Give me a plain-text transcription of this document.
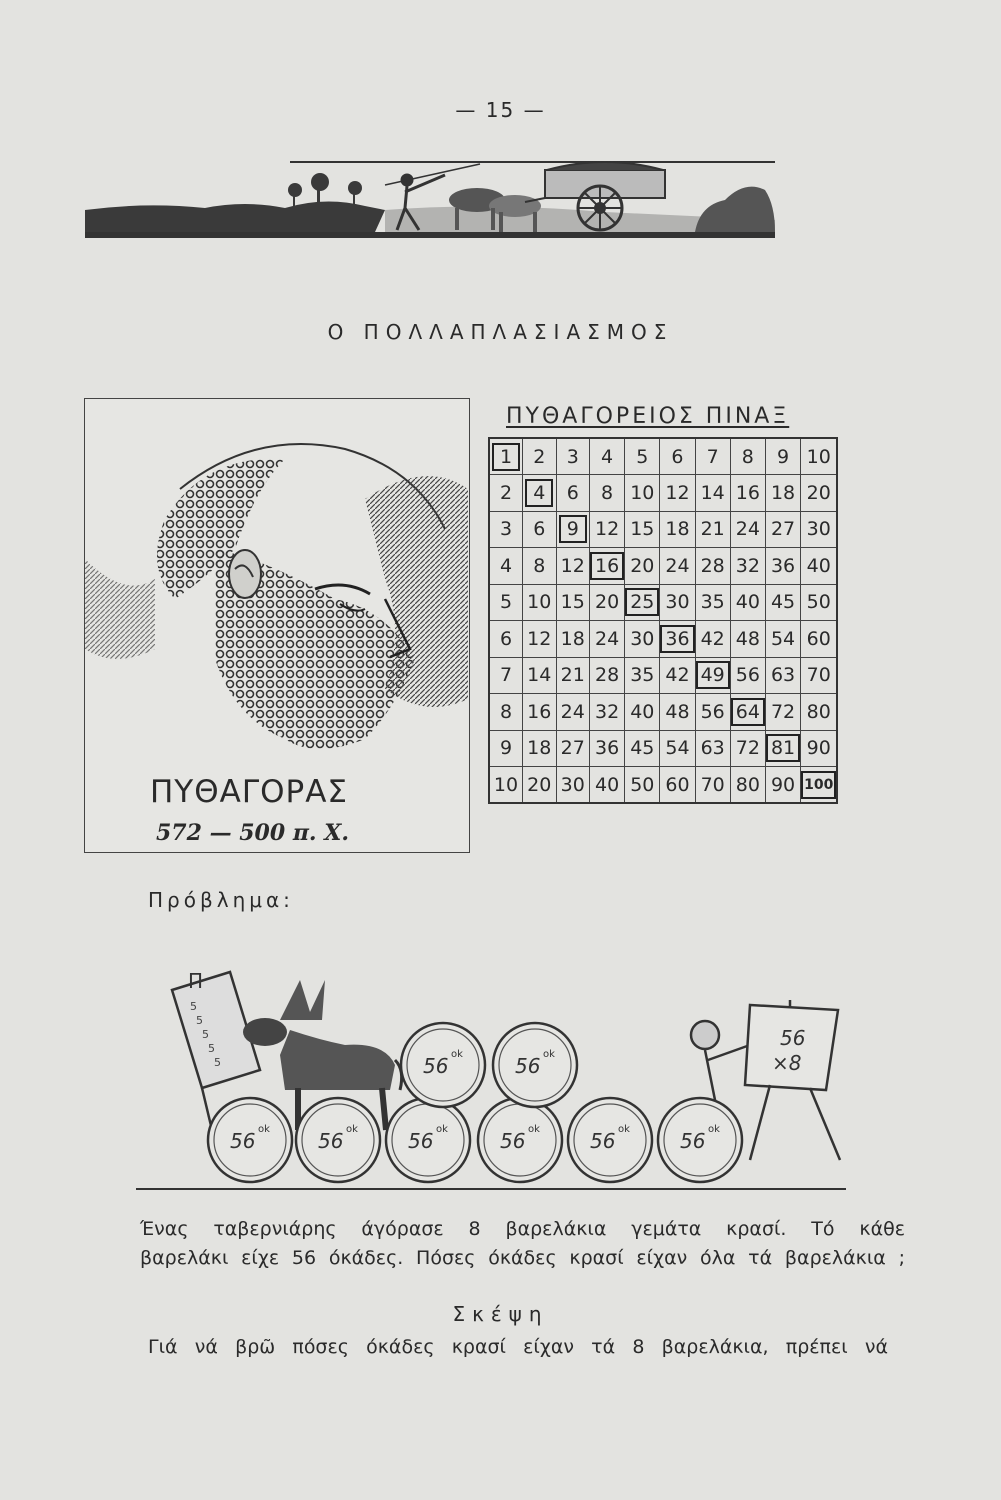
— 15 —
Ο ΠΟΛΛΑΠΛΑΣΙΑΣΜΟΣ
ΠΥΘΑΓΟΡΑΣ
572 — 500 π. Χ.
ΠΥΘΑΓΟΡΕΙΟΣ ΠΙΝΑΞ
1	2	3	4	5	6	7	8	9	10
2	4	6	8	10	12	14	16	18	20
3	6	9	12	15	18	21	24	27	30
4	8	12	16	20	24	28	32	36	40
5	10	15	20	25	30	35	40	45	50
6	12	18	24	30	36	42	48	54	60
7	14	21	28	35	42	49	56	63	70
8	16	24	32	40	48	56	64	72	80
9	18	27	36	45	54	63	72	81	90
10	20	30	40	50	60	70	80	90	100
Πρόβλημα:
Π
5
5
5
5
5
56
×8
56 ok 56 ok	56 ok	56 ok	56 ok	56 ok
56 ok	56 ok
Ένας ταβερνιάρης άγόρασε 8 βαρελάκια γεμάτα κρασί. Τό κάθε
βαρελάκι είχε 56 όκάδες. Πόσες όκάδες κρασί είχαν όλα τά βαρελάκια ;
Σκέψη
Γιά νά βρῶ πόσες όκάδες κρασί είχαν τά 8 βαρελάκια, πρέπει νά
